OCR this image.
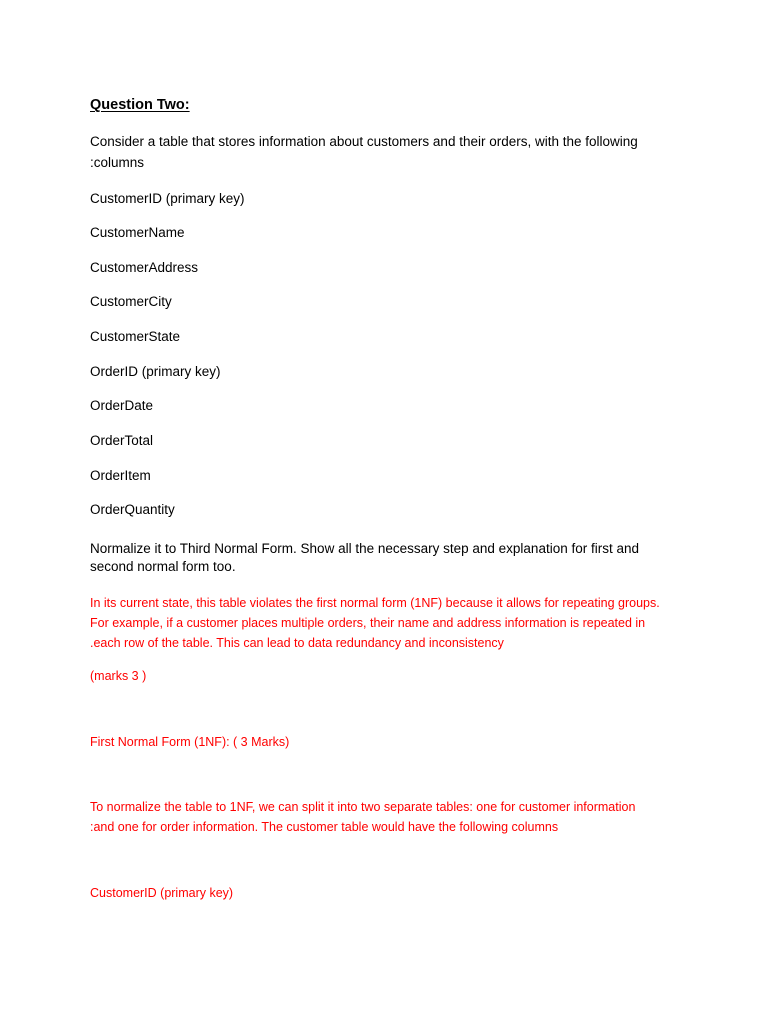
Question Two:
Consider a table that stores information about customers and their orders, with the following
:columns
CustomerID (primary key)
CustomerName
CustomerAddress
CustomerCity
CustomerState
OrderID (primary key)
OrderDate
OrderTotal
OrderItem
OrderQuantity
Normalize it to Third Normal Form. Show all the necessary step and explanation for first and
second normal form too.
In its current state, this table violates the first normal form (1NF) because it allows for repeating groups.
For example, if a customer places multiple orders, their name and address information is repeated in
.each row of the table. This can lead to data redundancy and inconsistency
(marks 3 )
First Normal Form (1NF): ( 3 Marks)
To normalize the table to 1NF, we can split it into two separate tables: one for customer information
:and one for order information. The customer table would have the following columns
CustomerID (primary key)
